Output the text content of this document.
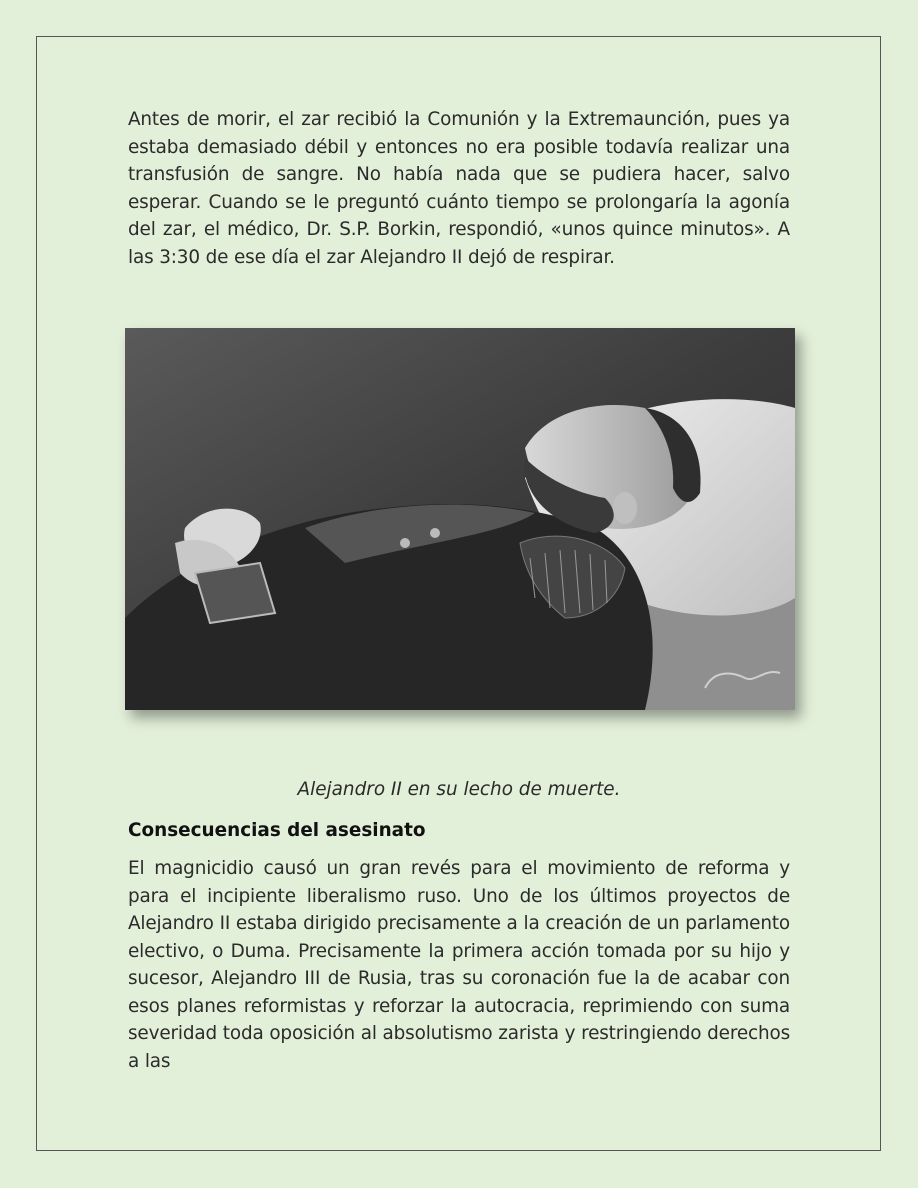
Antes de morir, el zar recibió la Comunión y la Extremaunción, pues ya estaba demasiado débil y entonces no era posible todavía realizar una transfusión de sangre. No había nada que se pudiera hacer, salvo esperar. Cuando se le preguntó cuánto tiempo se prolongaría la agonía del zar, el médico, Dr. S.P. Borkin, respondió, «unos quince minutos». A las 3:30 de ese día el zar Alejandro II dejó de respirar.

Alejandro II en su lecho de muerte.
Consecuencias del asesinato

El magnicidio causó un gran revés para el movimiento de reforma y para el incipiente liberalismo ruso. Uno de los últimos proyectos de Alejandro II estaba dirigido precisamente a la creación de un parlamento electivo, o Duma. Precisamente la primera acción tomada por su hijo y sucesor, Alejandro III de Rusia, tras su coronación fue la de acabar con esos planes reformistas y reforzar la autocracia, reprimiendo con suma severidad toda oposición al absolutismo zarista y restringiendo derechos a las
